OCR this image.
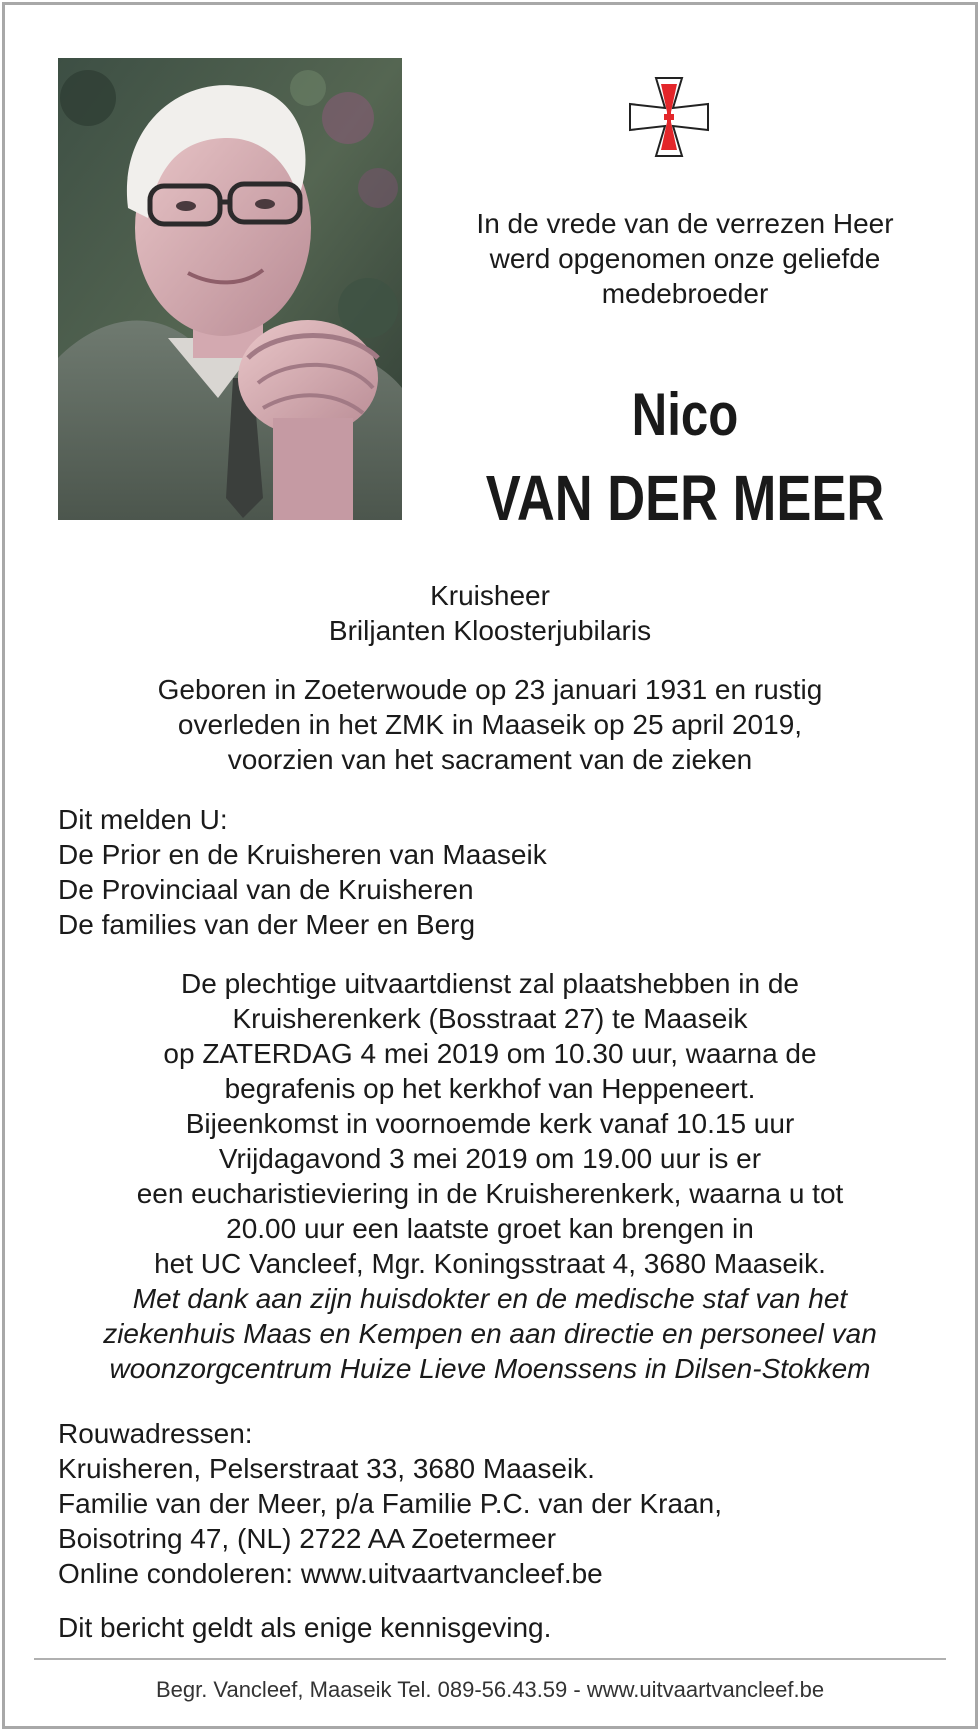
In de vrede van de verrezen Heer
werd opgenomen onze geliefde
medebroeder
Nico
VAN DER MEER
Kruisheer
Briljanten Kloosterjubilaris
Geboren in Zoeterwoude op 23 januari 1931 en rustig
overleden in het ZMK in Maaseik op 25 april 2019,
voorzien van het sacrament van de zieken
Dit melden U:
De Prior en de Kruisheren van Maaseik
De Provinciaal van de Kruisheren
De families van der Meer en Berg
De plechtige uitvaartdienst zal plaatshebben in de
Kruisherenkerk (Bosstraat 27) te Maaseik
op ZATERDAG 4 mei 2019 om 10.30 uur, waarna de
begrafenis op het kerkhof van Heppeneert.
Bijeenkomst in voornoemde kerk vanaf 10.15 uur
Vrijdagavond 3 mei 2019 om 19.00 uur is er
een eucharistieviering in de Kruisherenkerk, waarna u tot
20.00 uur een laatste groet kan brengen in
het UC Vancleef, Mgr. Koningsstraat 4, 3680 Maaseik.
Met dank aan zijn huisdokter en de medische staf van het
ziekenhuis Maas en Kempen en aan directie en personeel van
woonzorgcentrum Huize Lieve Moenssens in Dilsen-Stokkem
Rouwadressen:
Kruisheren, Pelserstraat 33, 3680 Maaseik.
Familie van der Meer, p/a Familie P.C. van der Kraan,
Boisotring 47, (NL) 2722 AA Zoetermeer
Online condoleren: www.uitvaartvancleef.be
Dit bericht geldt als enige kennisgeving.
Begr. Vancleef, Maaseik Tel. 089-56.43.59 - www.uitvaartvancleef.be
